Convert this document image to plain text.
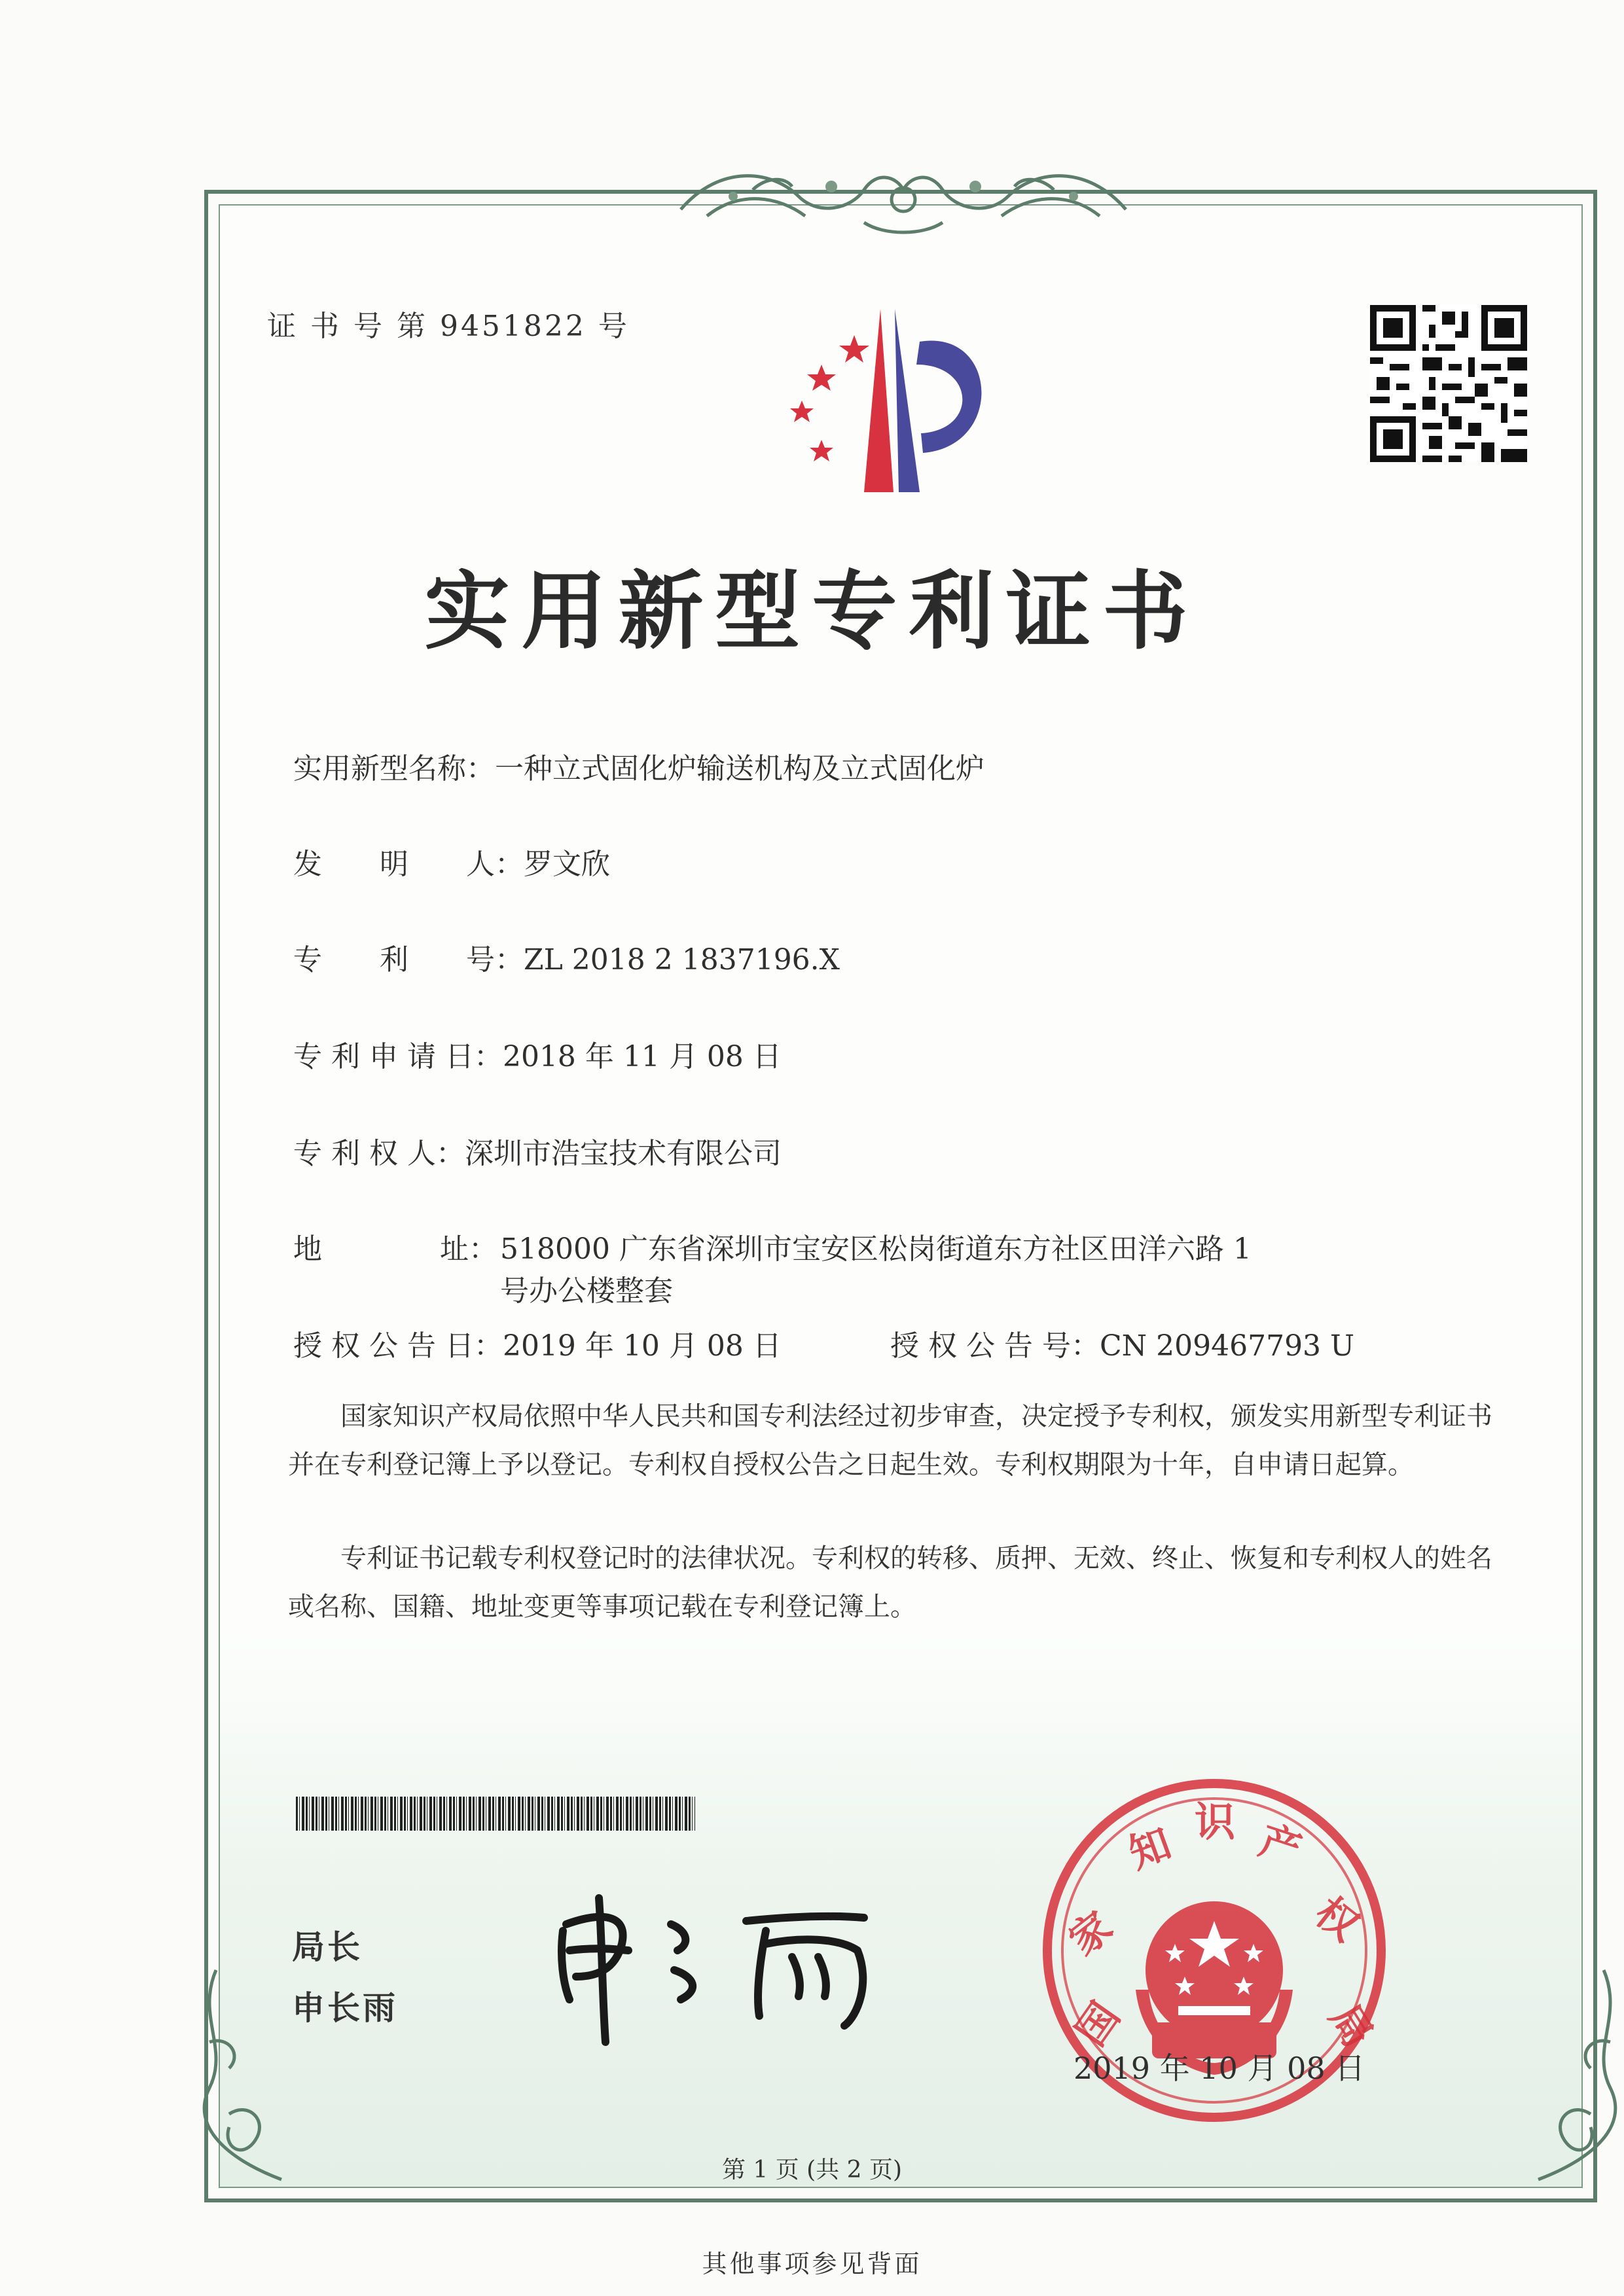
证 书 号 第 9451822 号
实用新型专利证书
实用新型名称：一种立式固化炉输送机构及立式固化炉
发　　明　　人：罗文欣
专　　利　　号：ZL 2018 2 1837196.X
专 利 申 请 日：2018 年 11 月 08 日
专 利 权 人：深圳市浩宝技术有限公司
地	址： 518000 广东省深圳市宝安区松岗街道东方社区田洋六路 1
号办公楼整套
授 权 公 告 日：2019 年 10 月 08 日	授 权 公 告 号：CN 209467793 U
国家知识产权局依照中华人民共和国专利法经过初步审查，决定授予专利权，颁发实用新型专利证书并在专利登记簿上予以登记。专利权自授权公告之日起生效。专利权期限为十年，自申请日起算。
专利证书记载专利权登记时的法律状况。专利权的转移、质押、无效、终止、恢复和专利权人的姓名或名称、国籍、地址变更等事项记载在专利登记簿上。
局长
申长雨	国
家
知 识 产
权
局
2019 年 10 月 08 日
第 1 页 (共 2 页)
其他事项参见背面
